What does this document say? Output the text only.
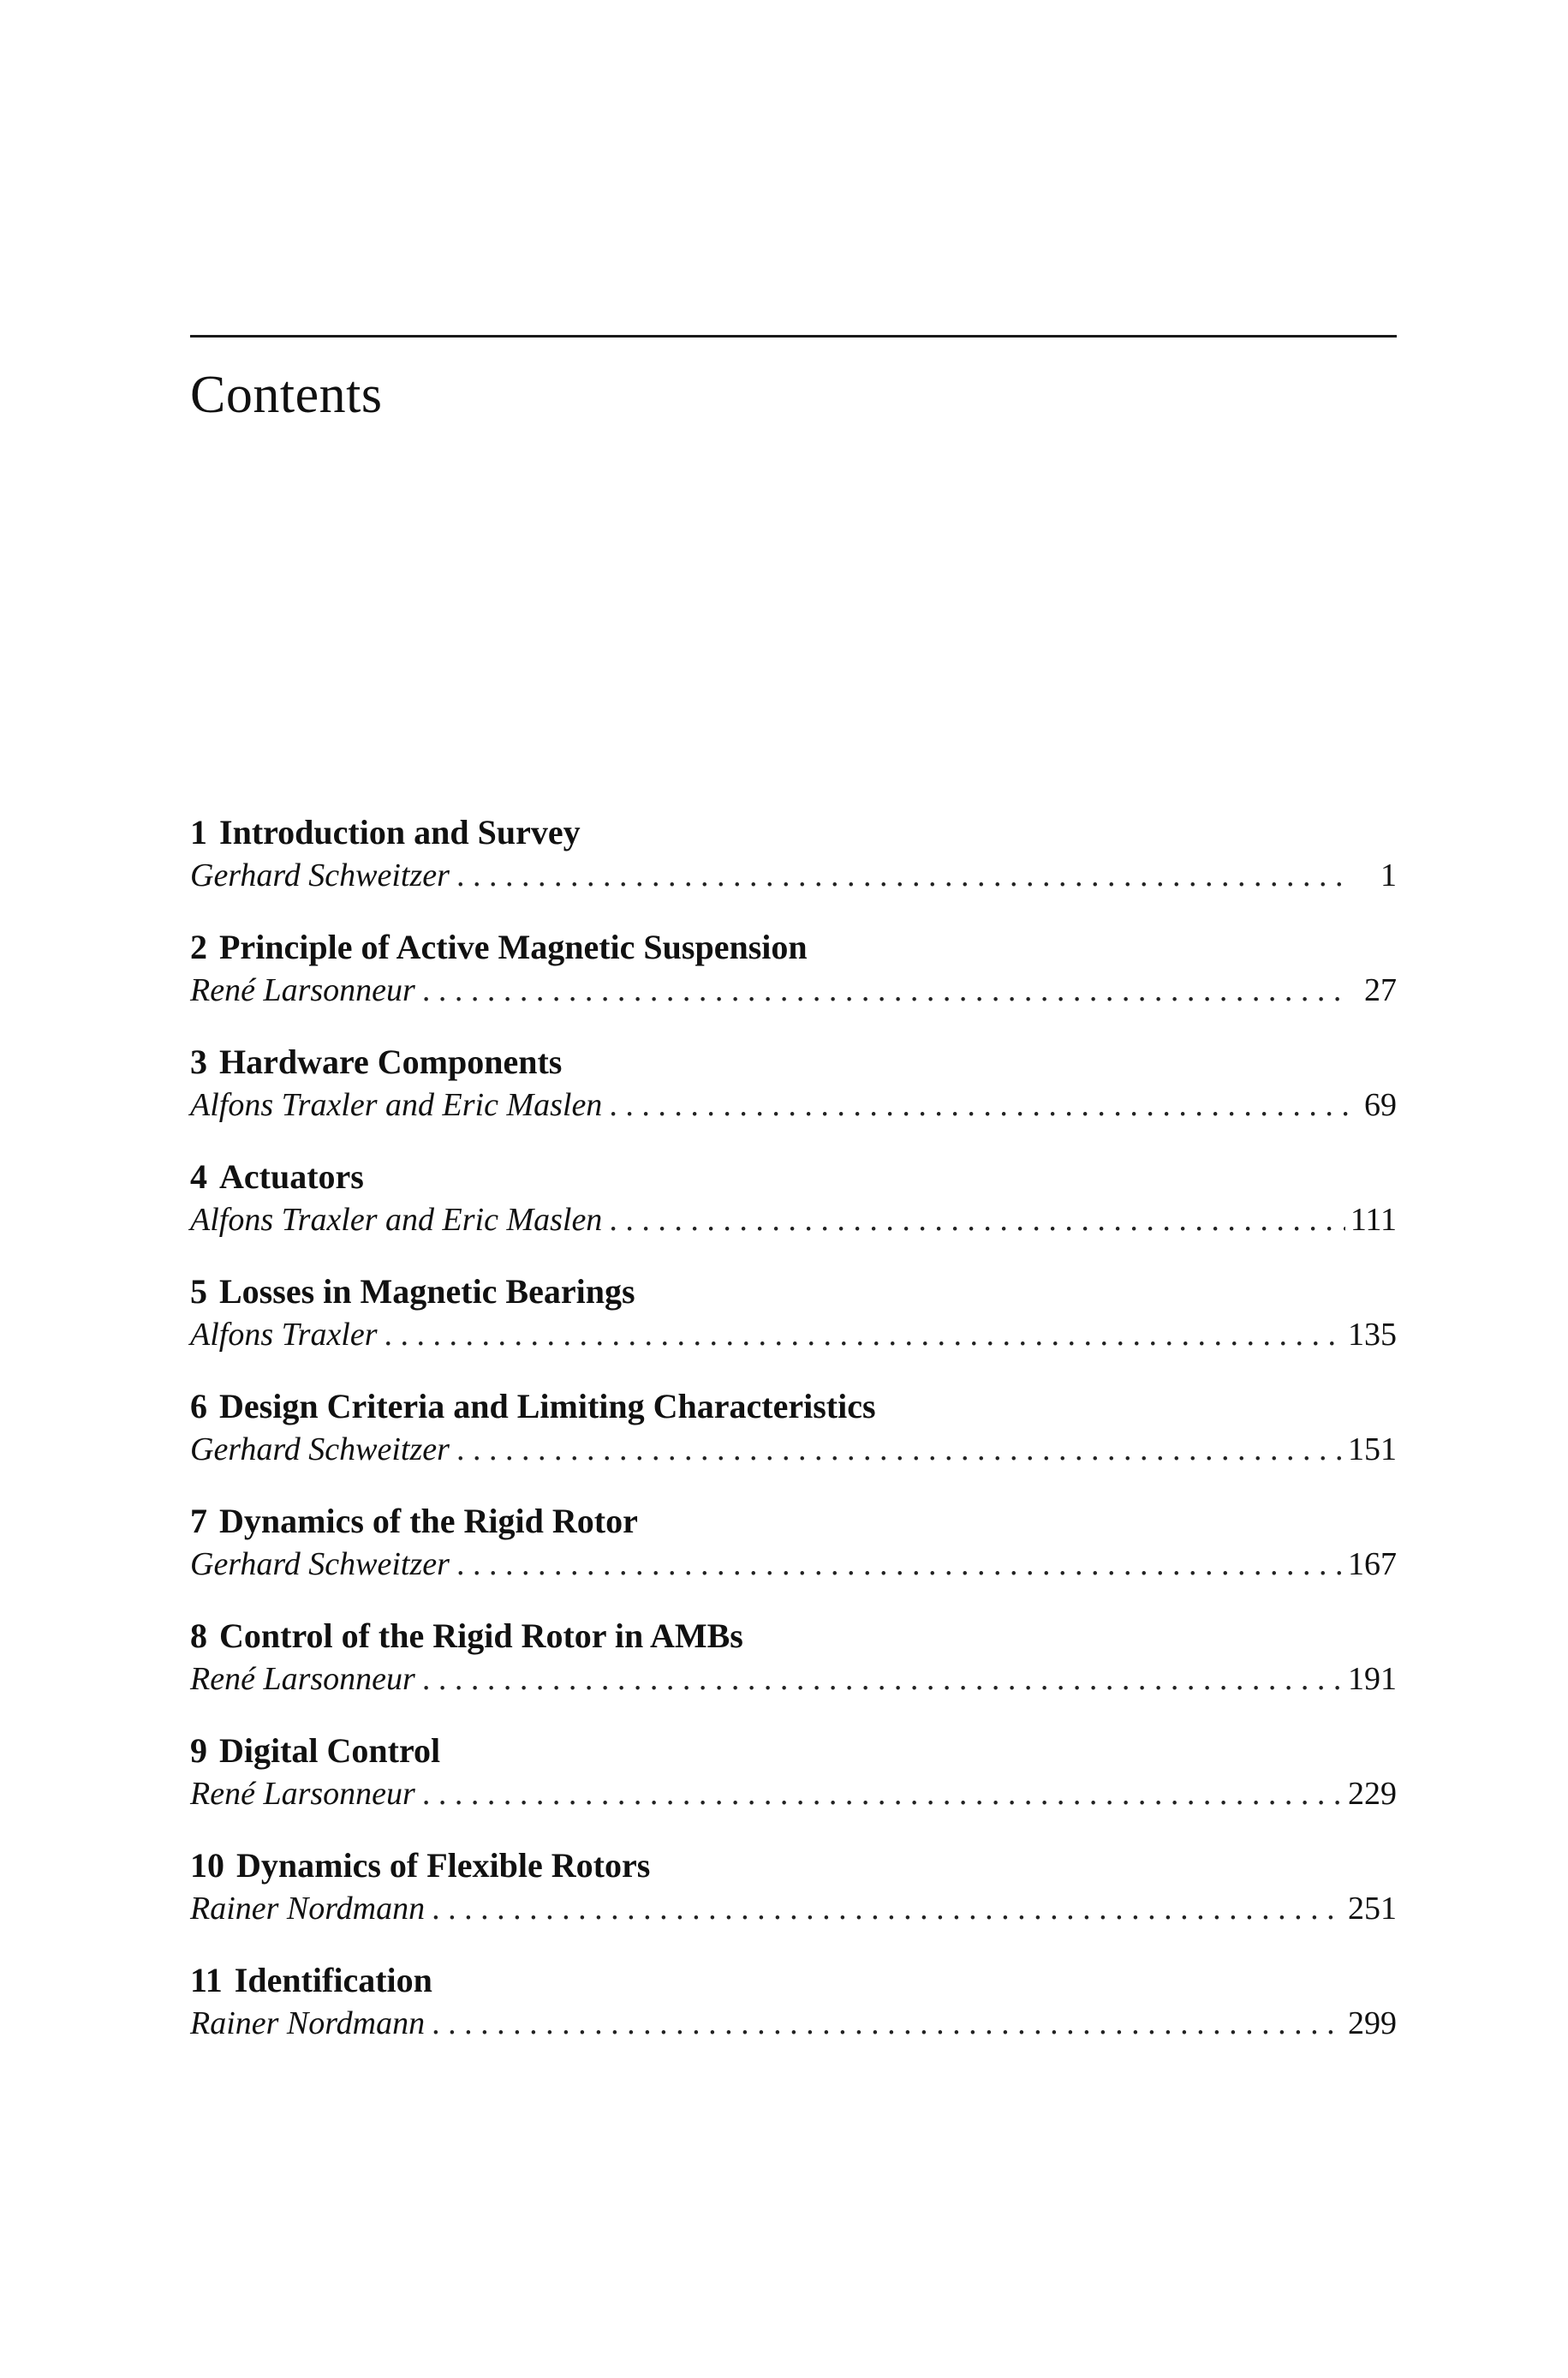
Contents
1 Introduction and Survey
Gerhard Schweitzer . . .	1
2 Principle of Active Magnetic Suspension
René Larsonneur . . .	27
3 Hardware Components
Alfons Traxler and Eric Maslen . . .	69
4 Actuators
Alfons Traxler and Eric Maslen . . .	111
5 Losses in Magnetic Bearings
Alfons Traxler . . .	135
6 Design Criteria and Limiting Characteristics
Gerhard Schweitzer . . .	151
7 Dynamics of the Rigid Rotor
Gerhard Schweitzer . . .	167
8 Control of the Rigid Rotor in AMBs
René Larsonneur . . .	191
9 Digital Control
René Larsonneur . . .	229
10 Dynamics of Flexible Rotors
Rainer Nordmann . . .	251
11 Identification
Rainer Nordmann . . .	299
